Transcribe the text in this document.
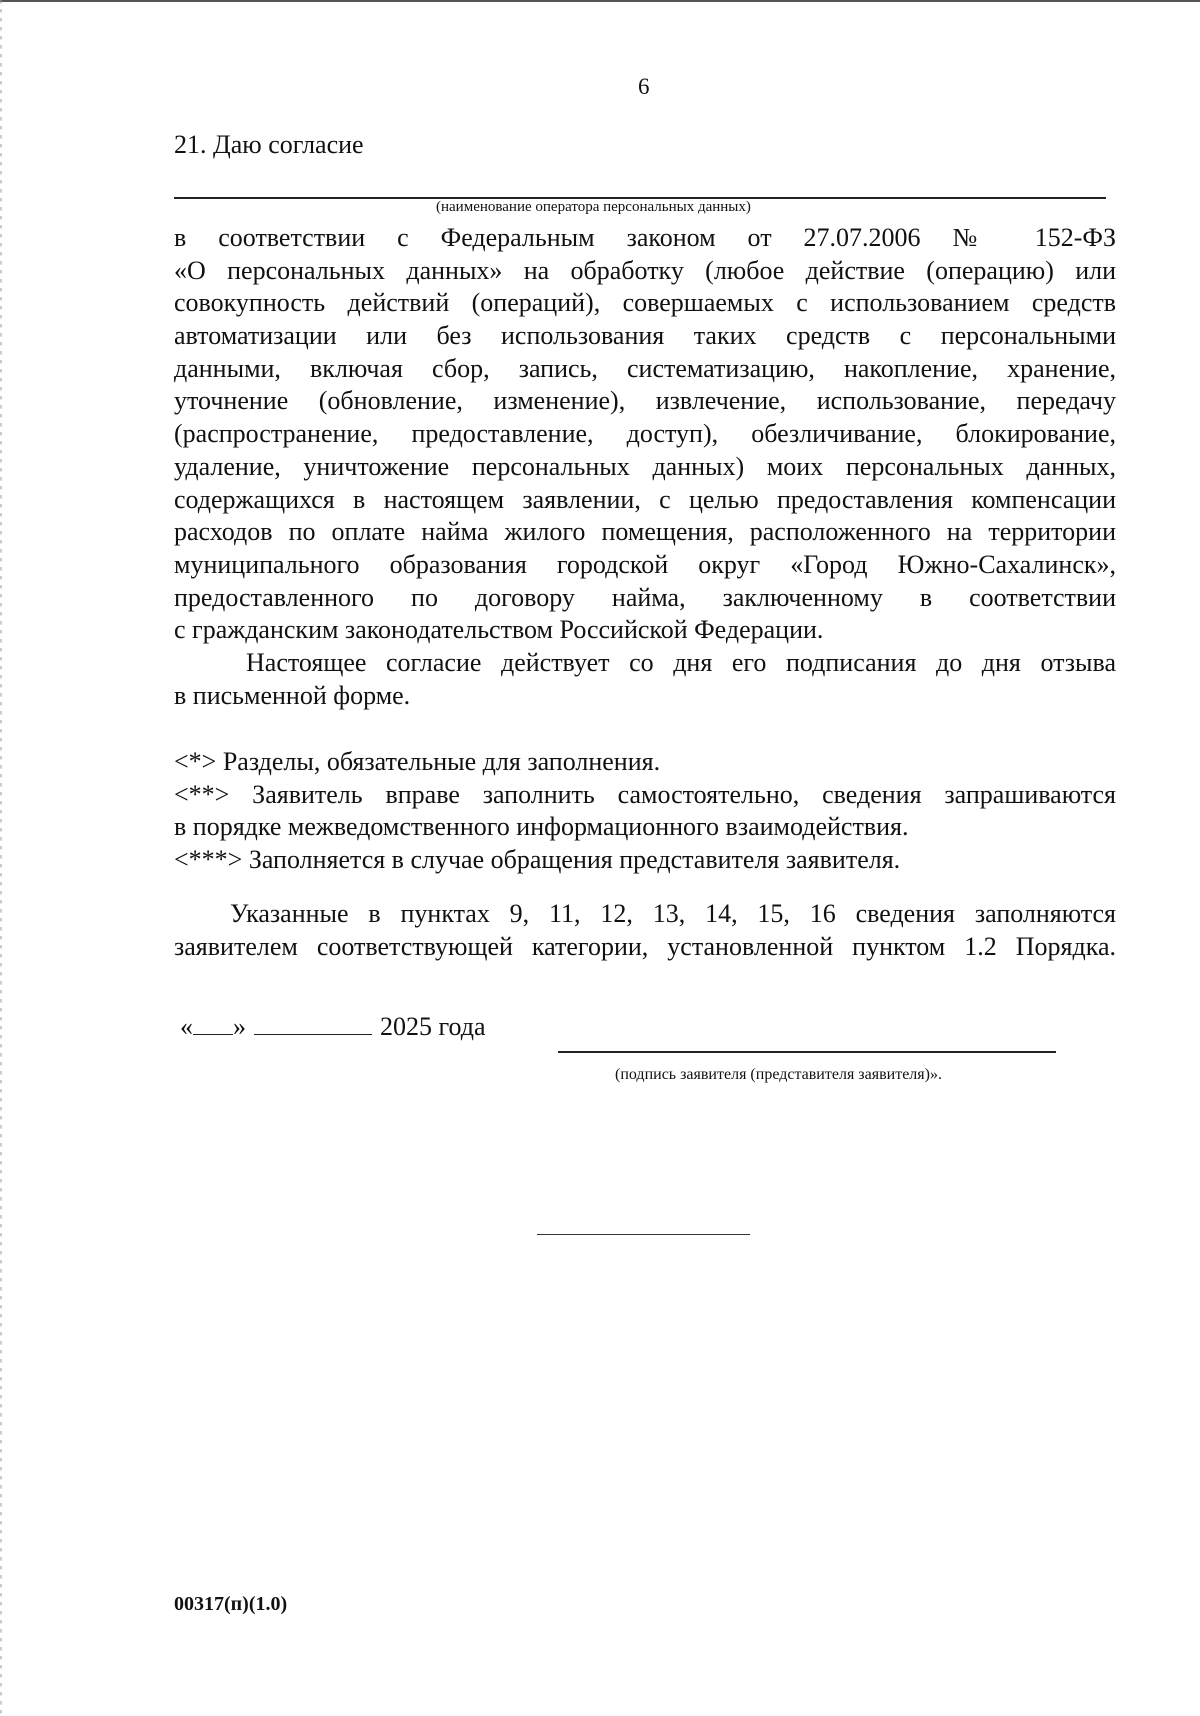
6
21. Даю согласие
(наименование оператора персональных данных)
в соответствии с Федеральным законом от 27.07.2006 № 152-ФЗ
«О персональных данных» на обработку (любое действие (операцию) или
совокупность действий (операций), совершаемых с использованием средств
автоматизации или без использования таких средств с персональными
данными, включая сбор, запись, систематизацию, накопление, хранение,
уточнение (обновление, изменение), извлечение, использование, передачу
(распространение, предоставление, доступ), обезличивание, блокирование,
удаление, уничтожение персональных данных) моих персональных данных,
содержащихся в настоящем заявлении, с целью предоставления компенсации
расходов по оплате найма жилого помещения, расположенного на территории
муниципального образования городской округ «Город Южно-Сахалинск»,
предоставленного по договору найма, заключенному в соответствии
с гражданским законодательством Российской Федерации.
Настоящее согласие действует со дня его подписания до дня отзыва
в письменной форме.
<*> Разделы, обязательные для заполнения.
<**> Заявитель вправе заполнить самостоятельно, сведения запрашиваются
в порядке межведомственного информационного взаимодействия.
<***> Заполняется в случае обращения представителя заявителя.
Указанные в пунктах 9, 11, 12, 13, 14, 15, 16 сведения заполняются
заявителем соответствующей категории, установленной пунктом 1.2 Порядка.
« »	2025 года
(подпись заявителя (представителя заявителя)».
00317(п)(1.0)
